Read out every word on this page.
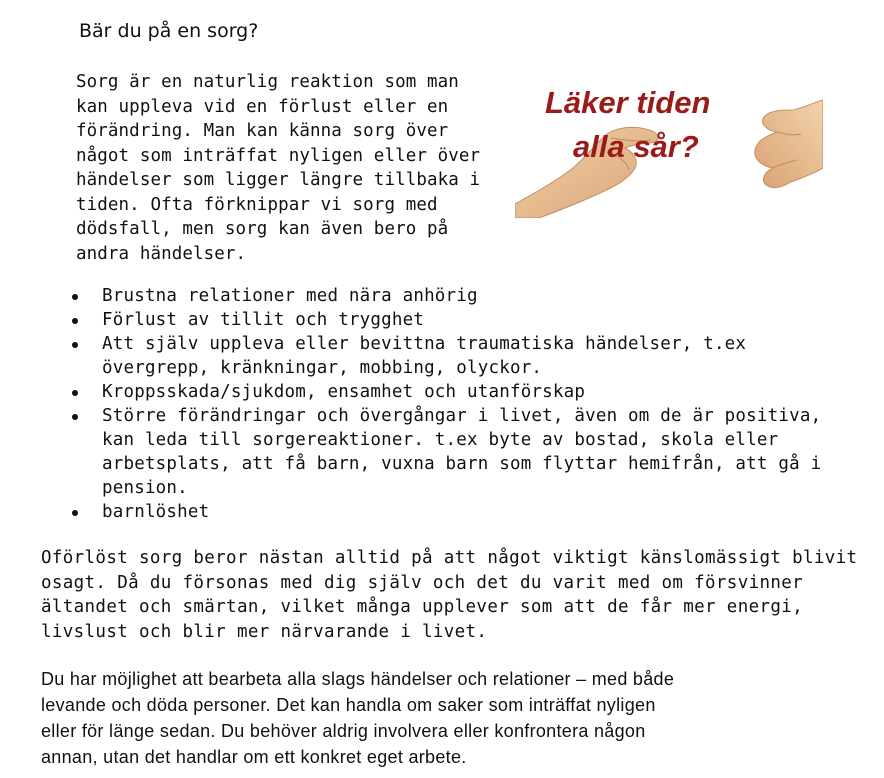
Bär du på en sorg?

Sorg är en naturlig reaktion som man
kan uppleva vid en förlust eller en
förändring. Man kan känna sorg över
något som inträffat nyligen eller över
händelser som ligger längre tillbaka i
tiden. Ofta förknippar vi sorg med
dödsfall, men sorg kan även bero på
andra händelser.

Läker tiden
alla sår?
Brustna relationer med nära anhörig
Förlust av tillit och trygghet
Att själv uppleva eller bevittna traumatiska händelser, t.ex
övergrepp, kränkningar, mobbing, olyckor.
Kroppsskada/sjukdom, ensamhet och utanförskap
Större förändringar och övergångar i livet, även om de är positiva,
kan leda till sorgereaktioner. t.ex byte av bostad, skola eller
arbetsplats, att få barn, vuxna barn som flyttar hemifrån, att gå i
pension.
barnlöshet

Oförlöst sorg beror nästan alltid på att något viktigt känslomässigt blivit
osagt. Då du försonas med dig själv och det du varit med om försvinner
ältandet och smärtan, vilket många upplever som att de får mer energi,
livslust och blir mer närvarande i livet.

Du har möjlighet att bearbeta alla slags händelser och relationer – med både
levande och döda personer. Det kan handla om saker som inträffat nyligen
eller för länge sedan. Du behöver aldrig involvera eller konfrontera någon
annan, utan det handlar om ett konkret eget arbete.
